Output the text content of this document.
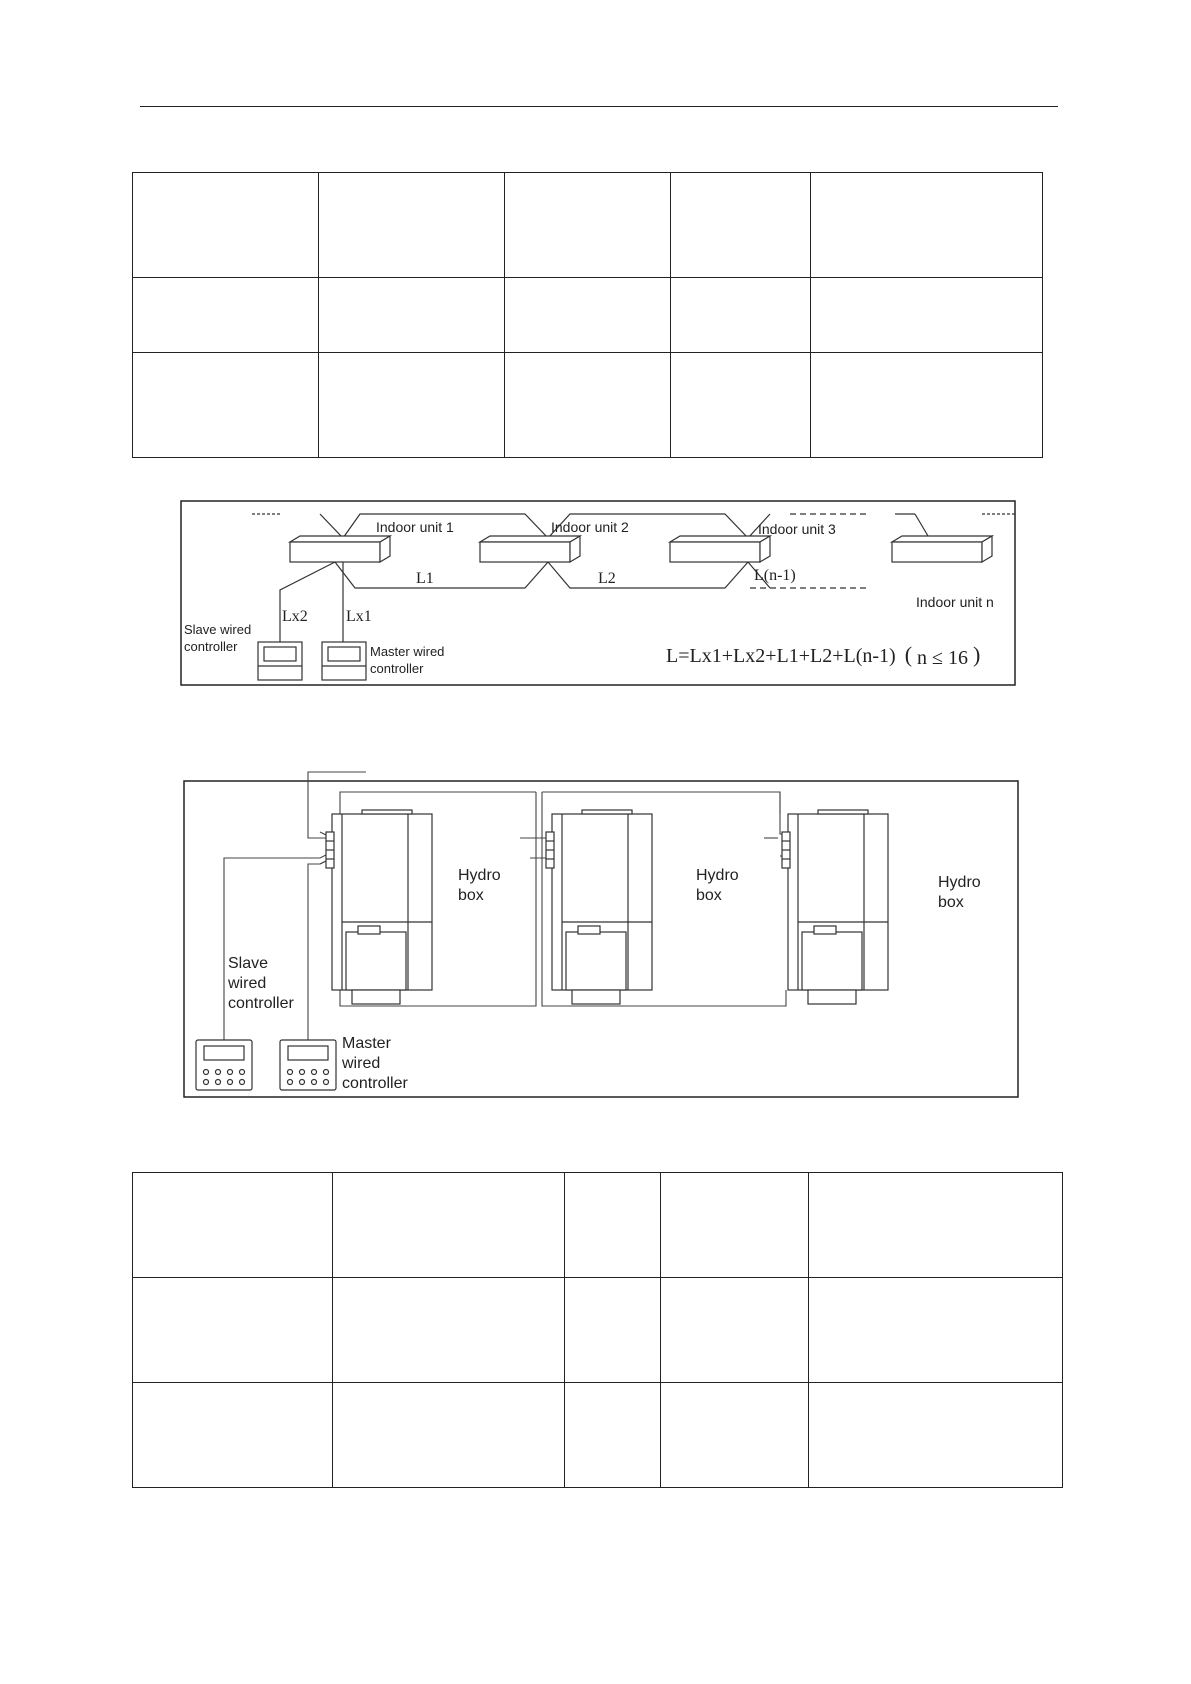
Indoor unit 1	Indoor unit 2	Indoor unit 3
Indoor unit n
L1	L2	L(n-1)
Lx2 Lx1
Slave wired
controller	Master wired
controller
L=Lx1+Lx2+L1+L2+L(n-1) ( n ≤ 16 )
Hydro
box
Hydro
box
Hydro
box
Slave
wired
controller
Master
wired
controller
